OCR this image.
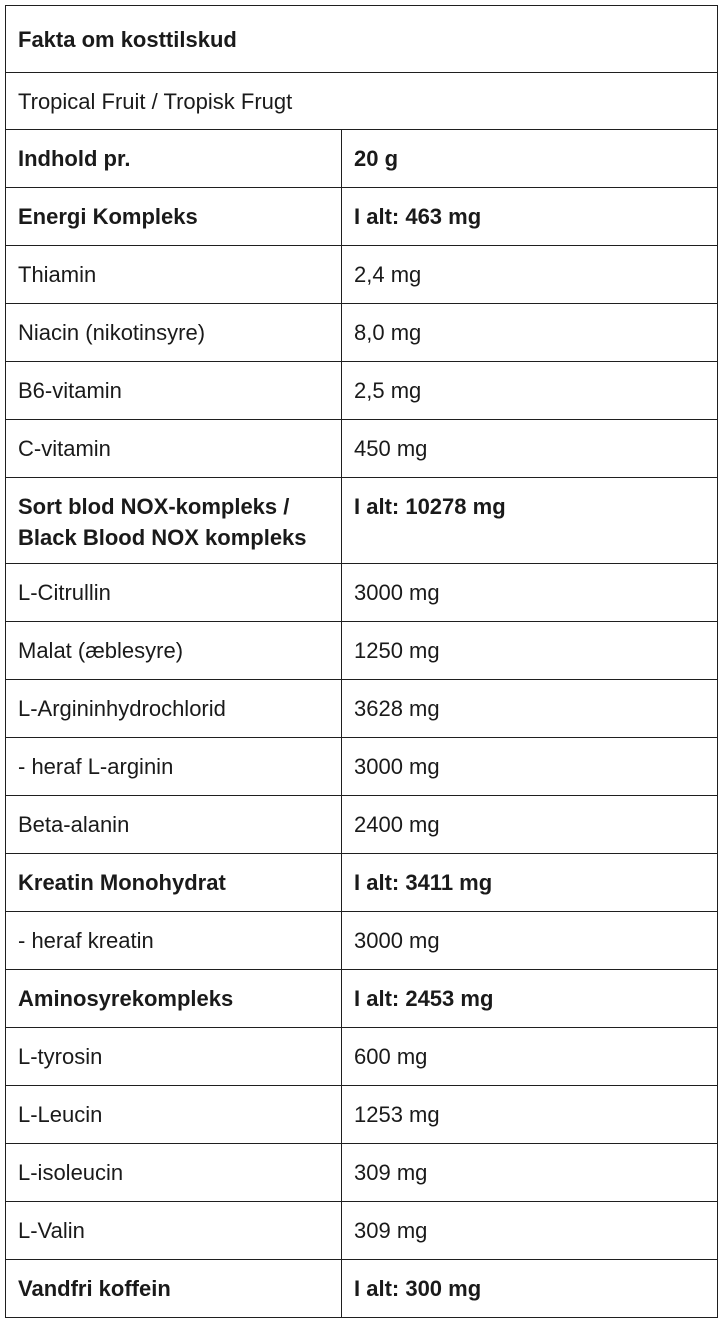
Fakta om kosttilskud	
Tropical Fruit / Tropisk Frugt	
Indhold pr.	20 g
Energi Kompleks	I alt: 463 mg
Thiamin	2,4 mg
Niacin (nikotinsyre)	8,0 mg
B6-vitamin	2,5 mg
C-vitamin	450 mg
Sort blod NOX-kompleks / Black Blood NOX kompleks	I alt: 10278 mg
L-Citrullin	3000 mg
Malat (æblesyre)	1250 mg
L-Argininhydrochlorid	3628 mg
- heraf L-arginin	3000 mg
Beta-alanin	2400 mg
Kreatin Monohydrat	I alt: 3411 mg
- heraf kreatin	3000 mg
Aminosyrekompleks	I alt: 2453 mg
L-tyrosin	600 mg
L-Leucin	1253 mg
L-isoleucin	309 mg
L-Valin	309 mg
Vandfri koffein	I alt: 300 mg
